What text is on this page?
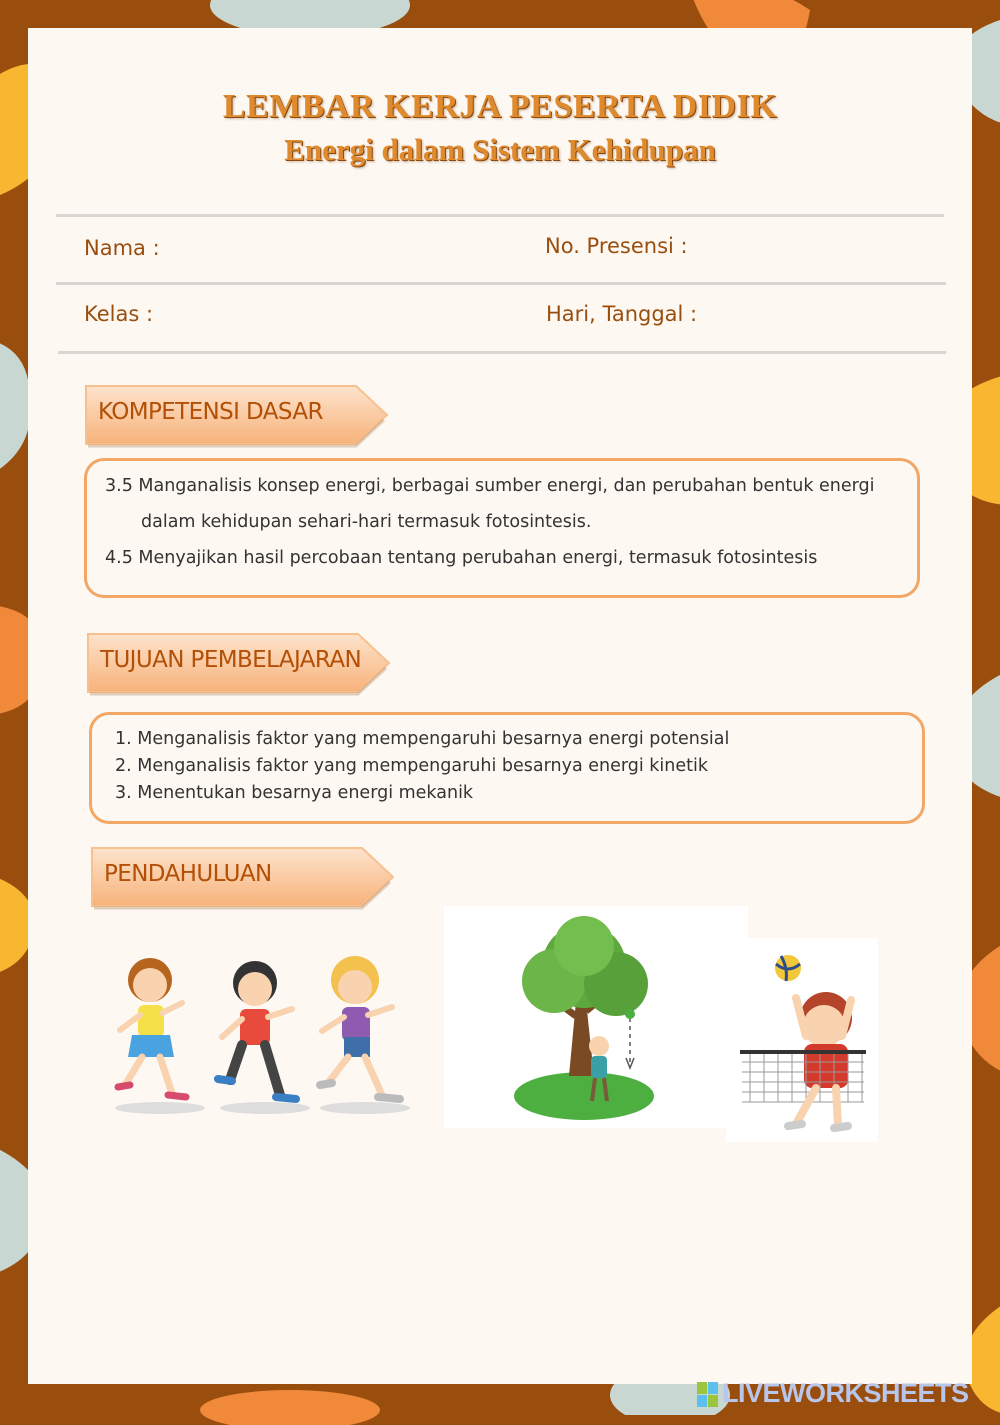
LEMBAR KERJA PESERTA DIDIK
Energi dalam Sistem Kehidupan
Nama :	No. Presensi :
Kelas :	Hari, Tanggal :
KOMPETENSI DASAR
3.5 Manganalisis konsep energi, berbagai sumber energi, dan perubahan bentuk energi
dalam kehidupan sehari-hari termasuk fotosintesis.
4.5 Menyajikan hasil percobaan tentang perubahan energi, termasuk fotosintesis
TUJUAN PEMBELAJARAN
1. Menganalisis faktor yang mempengaruhi besarnya energi potensial
2. Menganalisis faktor yang mempengaruhi besarnya energi kinetik
3. Menentukan besarnya energi mekanik
PENDAHULUAN
LIVEWORKSHEETS
